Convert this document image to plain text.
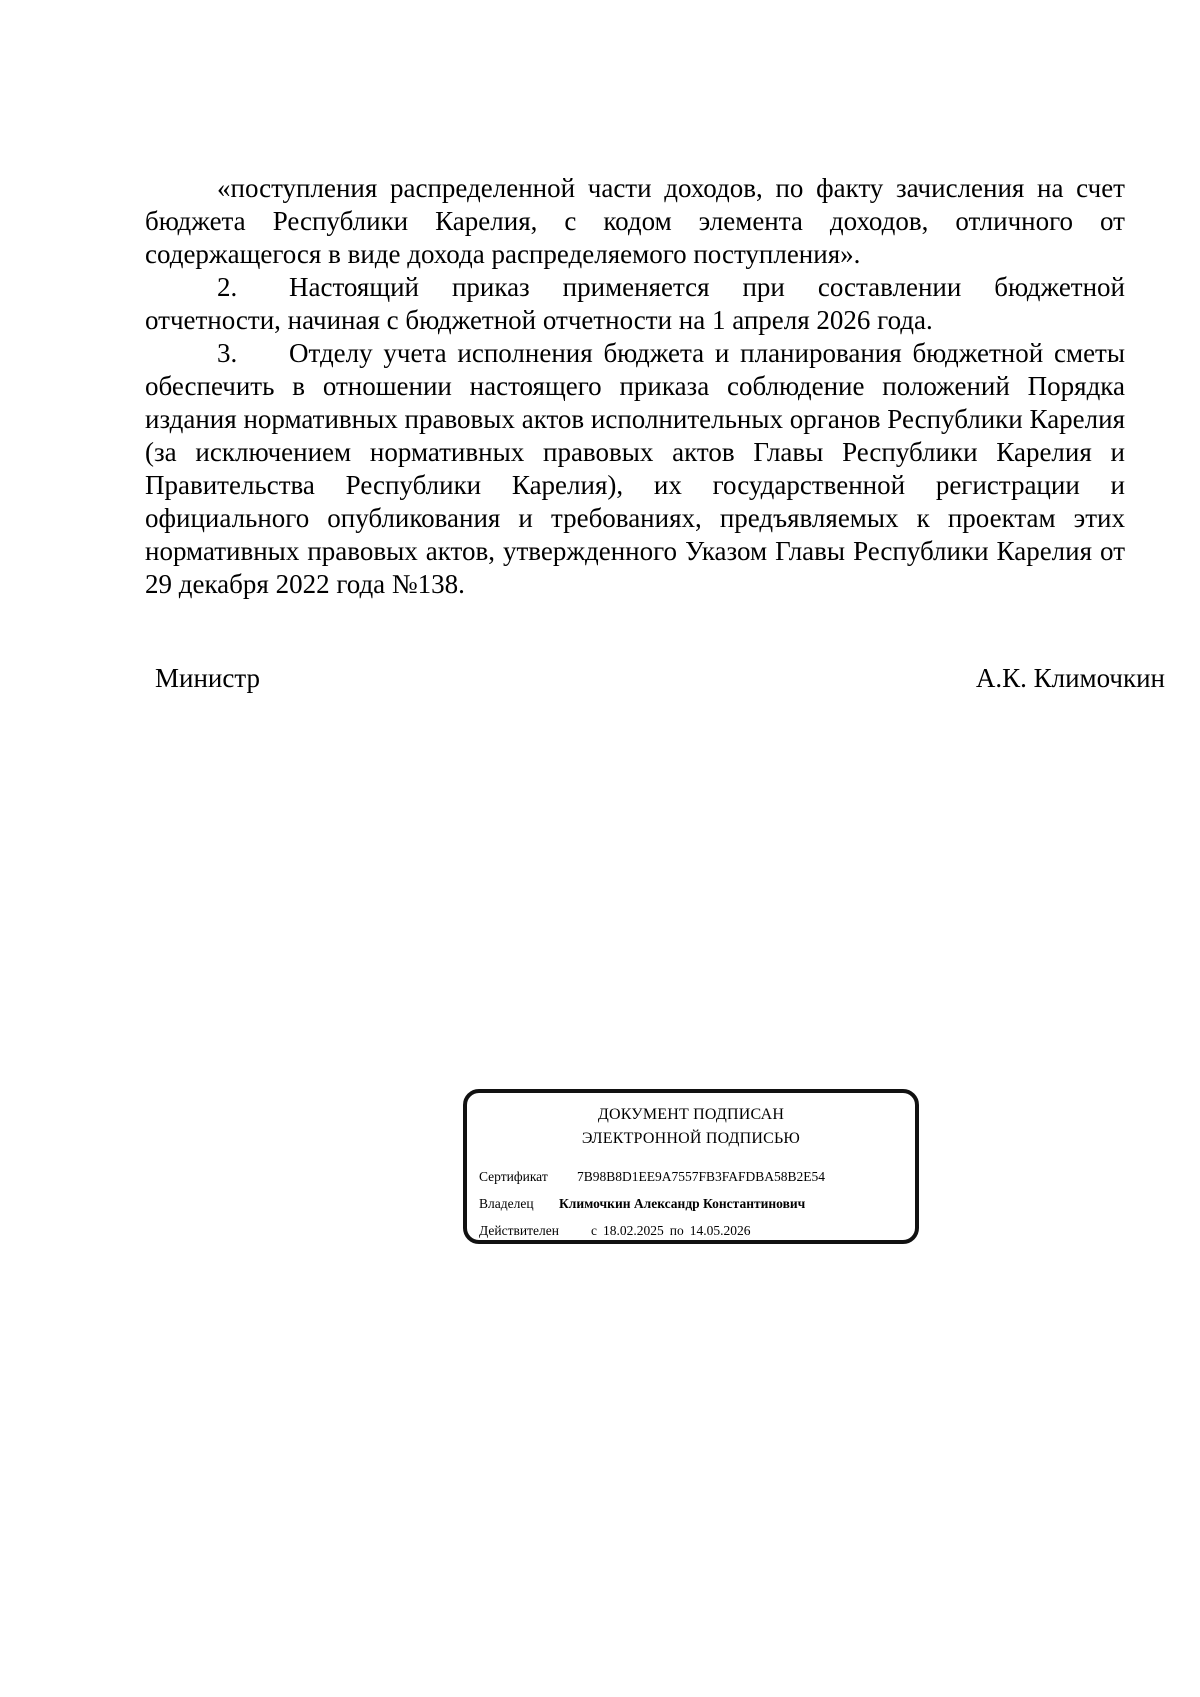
«поступления распределенной части доходов, по факту зачисления на счет бюджета Республики Карелия, с кодом элемента доходов, отличного от содержащегося в виде дохода распределяемого поступления».

2. Настоящий приказ применяется при составлении бюджетной отчетности, начиная с бюджетной отчетности на 1 апреля 2026 года.

3. Отделу учета исполнения бюджета и планирования бюджетной сметы обеспечить в отношении настоящего приказа соблюдение положений Порядка издания нормативных правовых актов исполнительных органов Республики Карелия (за исключением нормативных правовых актов Главы Республики Карелия и Правительства Республики Карелия), их государственной регистрации и официального опубликования и требованиях, предъявляемых к проектам этих нормативных правовых актов, утвержденного Указом Главы Республики Карелия от 29 декабря 2022 года №138.

Министр	А.К. Климочкин
ДОКУМЕНТ ПОДПИСАН
ЭЛЕКТРОННОЙ ПОДПИСЬЮ
Сертификат 7B98B8D1EE9A7557FB3FAFDBA58B2E54
Владелец Климочкин Александр Константинович
Действителен с 18.02.2025 по 14.05.2026
